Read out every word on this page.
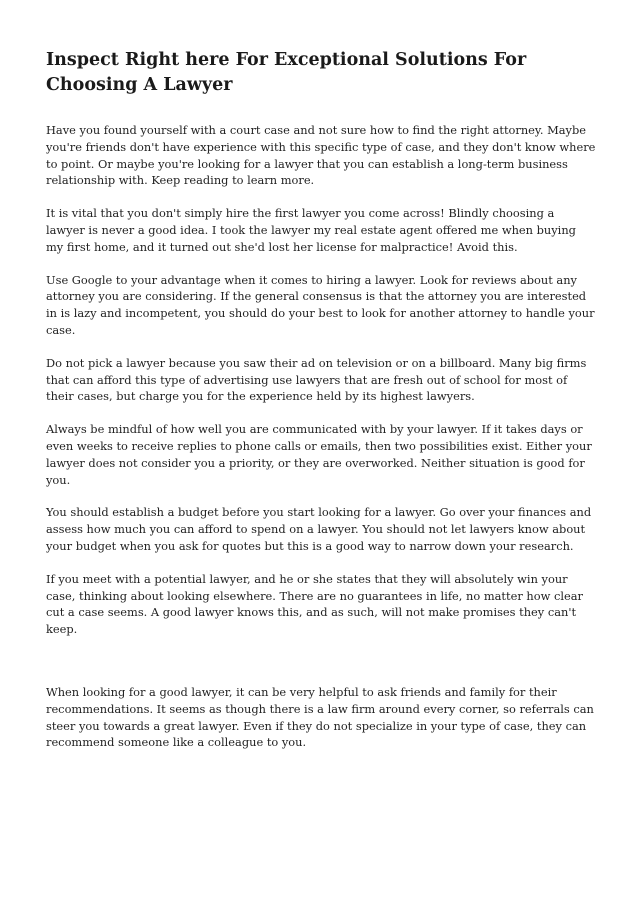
Inspect Right here For Exceptional Solutions For Choosing A Lawyer

Have you found yourself with a court case and not sure how to find the right attorney. Maybe you're friends don't have experience with this specific type of case, and they don't know where to point. Or maybe you're looking for a lawyer that you can establish a long-term business relationship with. Keep reading to learn more.

It is vital that you don't simply hire the first lawyer you come across! Blindly choosing a lawyer is never a good idea. I took the lawyer my real estate agent offered me when buying my first home, and it turned out she'd lost her license for malpractice! Avoid this.

Use Google to your advantage when it comes to hiring a lawyer. Look for reviews about any attorney you are considering. If the general consensus is that the attorney you are interested in is lazy and incompetent, you should do your best to look for another attorney to handle your case.

Do not pick a lawyer because you saw their ad on television or on a billboard. Many big firms that can afford this type of advertising use lawyers that are fresh out of school for most of their cases, but charge you for the experience held by its highest lawyers.

Always be mindful of how well you are communicated with by your lawyer. If it takes days or even weeks to receive replies to phone calls or emails, then two possibilities exist. Either your lawyer does not consider you a priority, or they are overworked. Neither situation is good for you.

You should establish a budget before you start looking for a lawyer. Go over your finances and assess how much you can afford to spend on a lawyer. You should not let lawyers know about your budget when you ask for quotes but this is a good way to narrow down your research.

If you meet with a potential lawyer, and he or she states that they will absolutely win your case, thinking about looking elsewhere. There are no guarantees in life, no matter how clear cut a case seems. A good lawyer knows this, and as such, will not make promises they can't keep.

When looking for a good lawyer, it can be very helpful to ask friends and family for their recommendations. It seems as though there is a law firm around every corner, so referrals can steer you towards a great lawyer. Even if they do not specialize in your type of case, they can recommend someone like a colleague to you.
